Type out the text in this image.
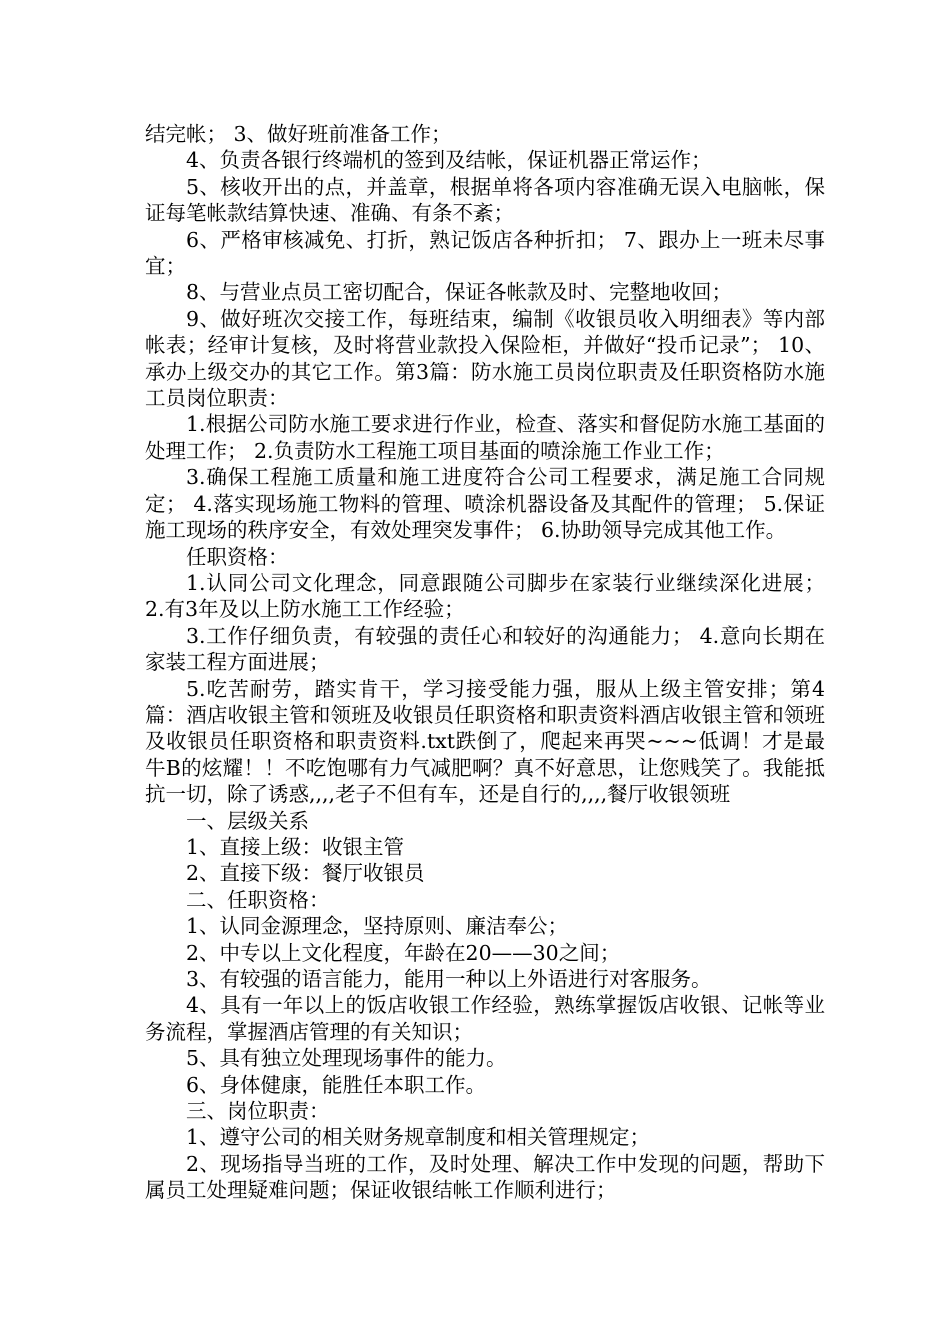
结完帐； 3、做好班前准备工作；

4、负责各银行终端机的签到及结帐，保证机器正常运作；

5、核收开出的点，并盖章，根据单将各项内容准确无误入电脑帐，保证每笔帐款结算快速、准确、有条不紊；

6、严格审核减免、打折，熟记饭店各种折扣； 7、跟办上一班未尽事宜；

8、与营业点员工密切配合，保证各帐款及时、完整地收回；

9、做好班次交接工作，每班结束，编制《收银员收入明细表》等内部帐表；经审计复核，及时将营业款投入保险柜，并做好“投币记录”； 10、承办上级交办的其它工作。第3篇：防水施工员岗位职责及任职资格防水施工员岗位职责：

1.根据公司防水施工要求进行作业，检查、落实和督促防水施工基面的处理工作； 2.负责防水工程施工项目基面的喷涂施工作业工作；

3.确保工程施工质量和施工进度符合公司工程要求，满足施工合同规定； 4.落实现场施工物料的管理、喷涂机器设备及其配件的管理； 5.保证施工现场的秩序安全，有效处理突发事件； 6.协助领导完成其他工作。

任职资格：

1.认同公司文化理念，同意跟随公司脚步在家装行业继续深化进展； 2.有3年及以上防水施工工作经验；

3.工作仔细负责，有较强的责任心和较好的沟通能力； 4.意向长期在家装工程方面进展；

5.吃苦耐劳，踏实肯干，学习接受能力强，服从上级主管安排；第4篇：酒店收银主管和领班及收银员任职资格和职责资料酒店收银主管和领班及收银员任职资格和职责资料.txt跌倒了，爬起来再哭~~~低调！才是最牛B的炫耀！！不吃饱哪有力气减肥啊？真不好意思，让您贱笑了。我能抵抗一切，除了诱惑,,,,老子不但有车，还是自行的,,,,餐厅收银领班

一、层级关系

1、直接上级：收银主管

2、直接下级：餐厅收银员

二、任职资格：

1、认同金源理念，坚持原则、廉洁奉公；

2、中专以上文化程度，年龄在20——30之间；

3、有较强的语言能力，能用一种以上外语进行对客服务。

4、具有一年以上的饭店收银工作经验，熟练掌握饭店收银、记帐等业务流程，掌握酒店管理的有关知识；

5、具有独立处理现场事件的能力。

6、身体健康，能胜任本职工作。

三、岗位职责：

1、遵守公司的相关财务规章制度和相关管理规定；

2、现场指导当班的工作，及时处理、解决工作中发现的问题，帮助下属员工处理疑难问题；保证收银结帐工作顺利进行；
